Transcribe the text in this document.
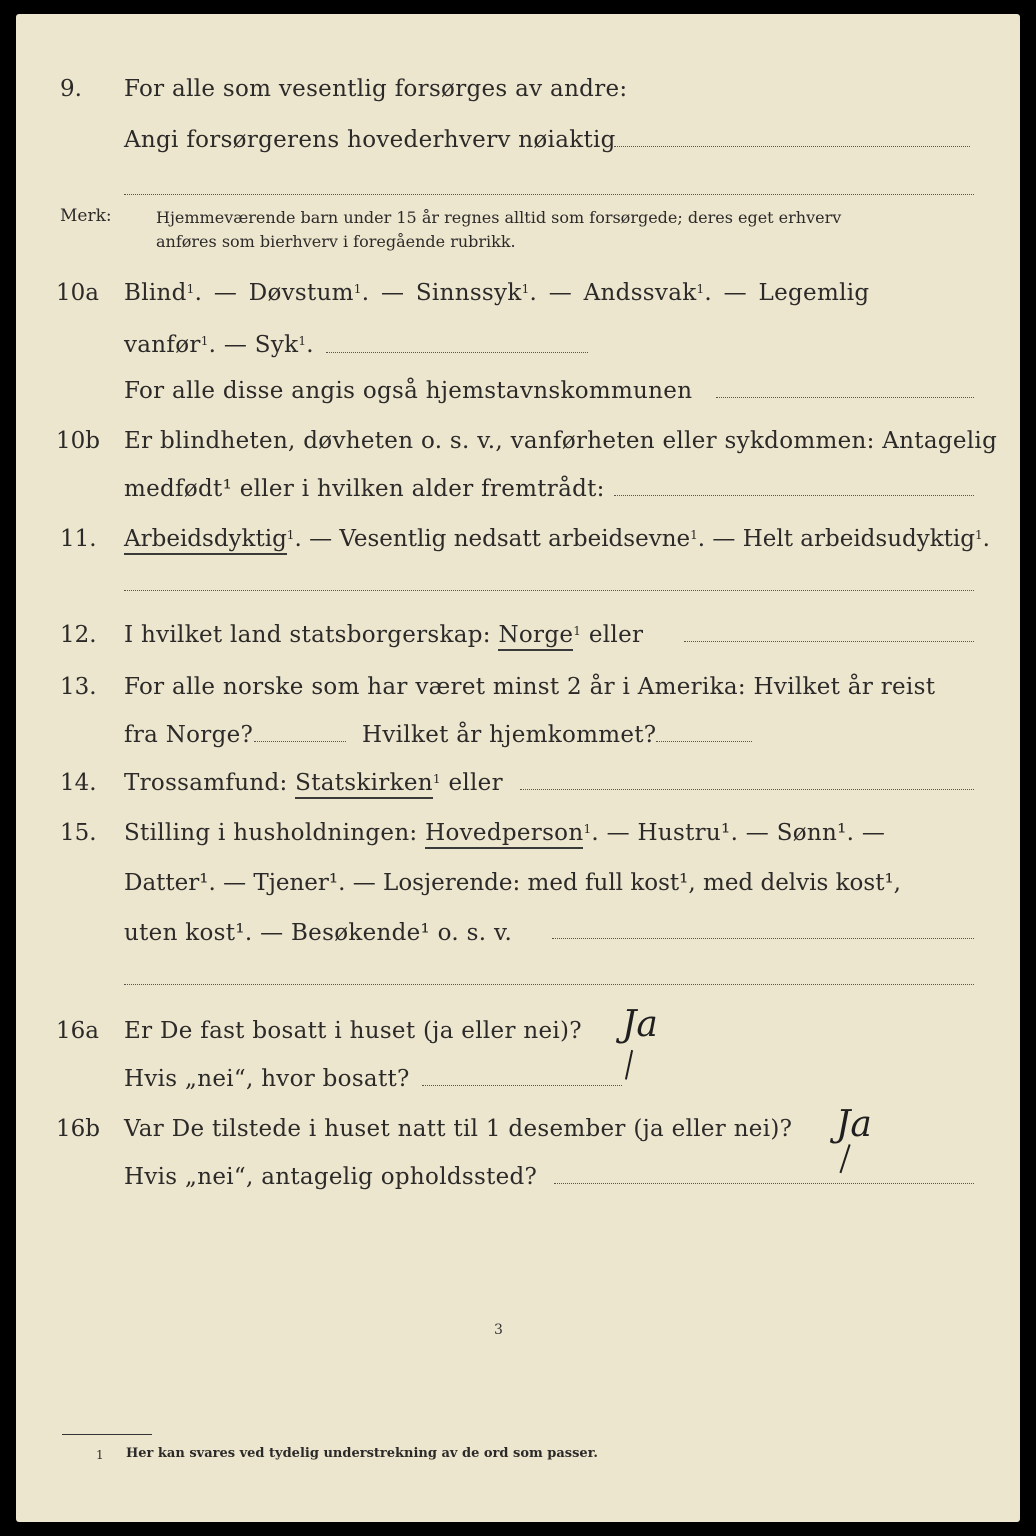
9. For alle som vesentlig forsørges av andre:
Angi forsørgerens hovederhverv nøiaktig
Merk:	Hjemmeværende barn under 15 år regnes alltid som forsørgede; deres eget erhverv
anføres som bierhverv i foregående rubrikk.
10a Blind$^1$. — Døvstum$^1$. — Sinnssyk$^1$. — Andssvak$^1$. — Legemlig
vanfør$^1$. — Syk$^1$.
For alle disse angis også hjemstavnskommunen
10b Er blindheten, døvheten o. s. v., vanførheten eller sykdommen: Antagelig
medfødt¹ eller i hvilken alder fremtrådt:
11. Arbeidsdyktig$^1$. — Vesentlig nedsatt arbeidsevne$^1$. — Helt arbeidsudyktig$^1$.
12. I hvilket land statsborgerskap: Norge$^1$ eller
13. For alle norske som har været minst 2 år i Amerika: Hvilket år reist
fra Norge?	Hvilket år hjemkommet?
14. Trossamfund: Statskirken$^1$ eller
15. Stilling i husholdningen: Hovedperson$^1$. — Hustru¹. — Sønn¹. —
Datter¹. — Tjener¹. — Losjerende: med full kost¹, med delvis kost¹,
uten kost¹. — Besøkende¹ o. s. v.
16a Er De fast bosatt i huset (ja eller nei)? Ja
Hvis „nei“, hvor bosatt?
16b Var De tilstede i huset natt til 1 desember (ja eller nei)? Ja
Hvis „nei“, antagelig opholdssted?
3
1 Her kan svares ved tydelig understrekning av de ord som passer.
